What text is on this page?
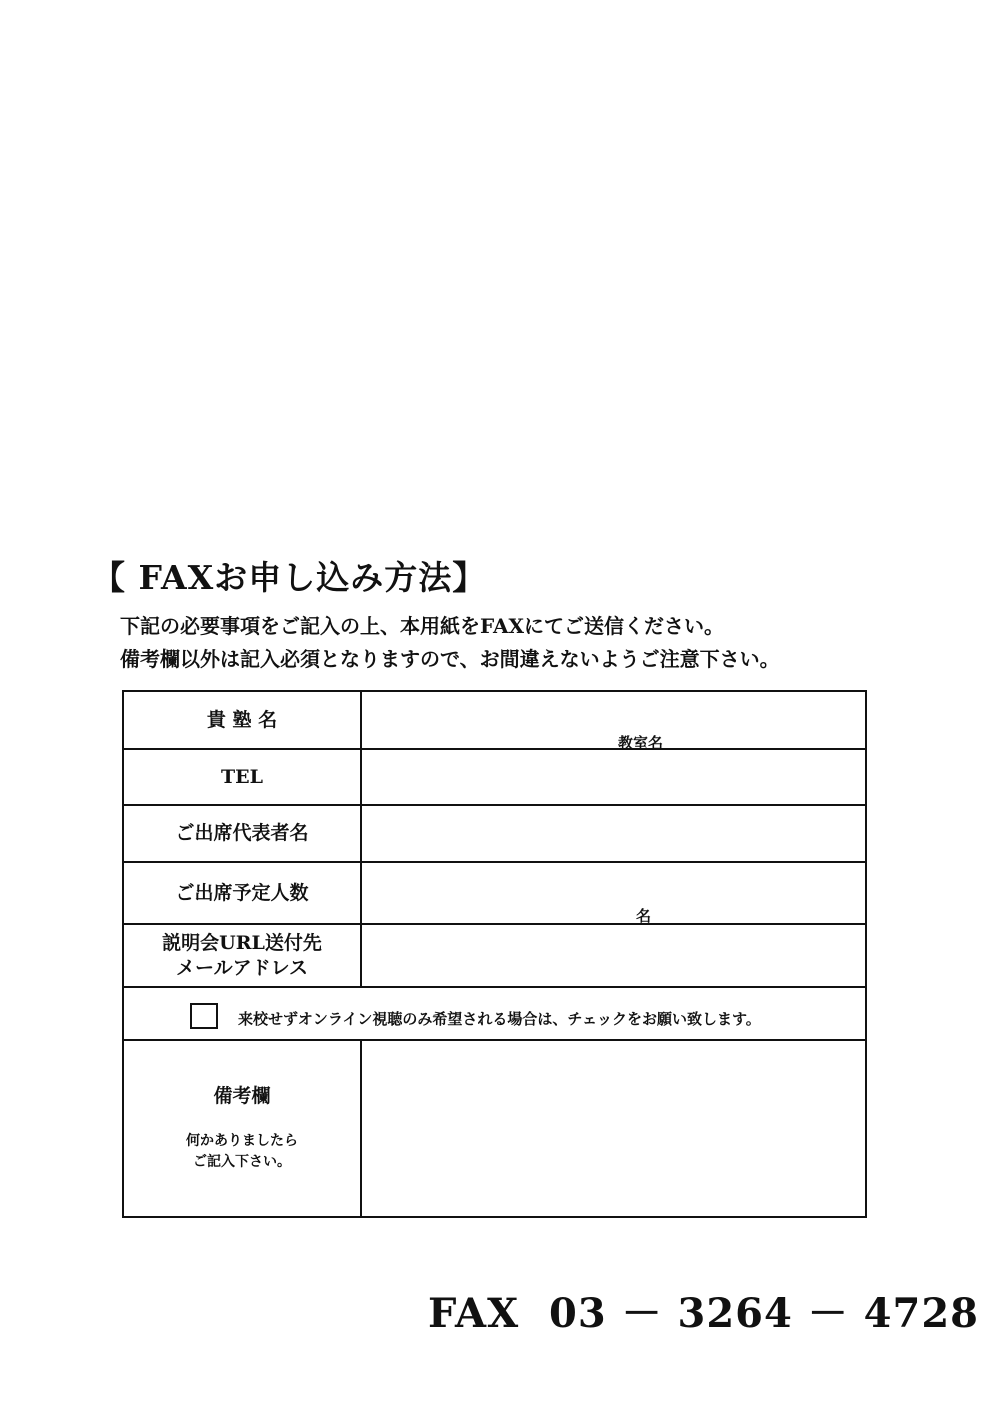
【 FAXお申し込み方法】
下記の必要事項をご記入の上、本用紙をFAXにてご送信ください。
備考欄以外は記入必須となりますので、お間違えないようご注意下さい。
貴 塾 名
教室名
TEL
ご出席代表者名
ご出席予定人数
名
説明会URL送付先
メールアドレス
来校せずオンライン視聴のみ希望される場合は、チェックをお願い致します。
備考欄
何かありましたら
ご記入下さい。
FAX 03 － 3264 － 4728
